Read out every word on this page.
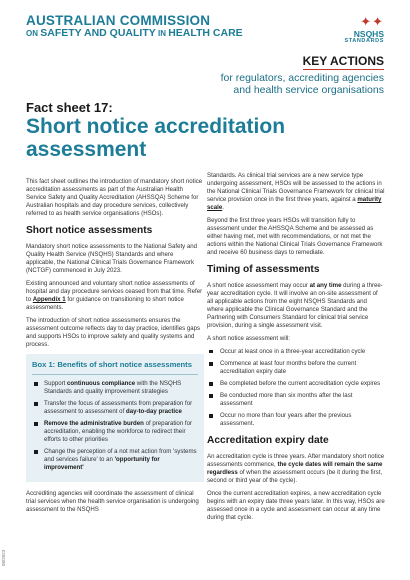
AUSTRALIAN COMMISSION
ON SAFETY AND QUALITY IN HEALTH CARE
✦✦
NSQHS
STANDARDS
KEY ACTIONS
for regulators, accrediting agencies
and health service organisations
Fact sheet 17:
Short notice accreditation
assessment

This fact sheet outlines the introduction of mandatory short notice accreditation assessments as part of the Australian Health Service Safety and Quality Accreditation (AHSSQA) Scheme for Australian hospitals and day procedure services, collectively referred to as health service organisations (HSOs).

Short notice assessments

Mandatory short notice assessments to the National Safety and Quality Health Service (NSQHS) Standards and where applicable, the National Clinical Trials Governance Framework (NCTGF) commenced in July 2023.

Existing announced and voluntary short notice assessments of hospital and day procedure services ceased from that time. Refer to Appendix 1 for guidance on transitioning to short notice assessments.

The introduction of short notice assessments ensures the assessment outcome reflects day to day practice, identifies gaps and supports HSOs to improve safety and quality systems and process.

Box 1: Benefits of short notice assessments
Support continuous compliance with the NSQHS Standards and quality improvement strategies
Transfer the focus of assessments from preparation for assessment to assessment of day-to-day practice
Remove the administrative burden of preparation for accreditation, enabling the workforce to redirect their efforts to other priorities
Change the perception of a not met action from 'systems and services failure' to an 'opportunity for improvement'

Accrediting agencies will coordinate the assessment of clinical trial services when the health service organisation is undergoing assessment to the NSQHS

Standards. As clinical trial services are a new service type undergoing assessment, HSOs will be assessed to the actions in the National Clinical Trials Governance Framework for clinical trial service provision once in the first three years, against a maturity scale.

Beyond the first three years HSOs will transition fully to assessment under the AHSSQA Scheme and be assessed as either having met, met with recommendations, or not met the actions within the National Clinical Trials Governance Framework and receive 60 business days to remediate.

Timing of assessments

A short notice assessment may occur at any time during a three-year accreditation cycle. It will involve an on-site assessment of all applicable actions from the eight NSQHS Standards and where applicable the Clinical Governance Standard and the Partnering with Consumers Standard for clinical trial service provision, during a single assessment visit.

A short notice assessment will:

Occur at least once in a three-year accreditation cycle
Commence at least four months before the current accreditation expiry date
Be completed before the current accreditation cycle expires
Be conducted more than six months after the last assessment
Occur no more than four years after the previous assessment.
Accreditation expiry date

An accreditation cycle is three years. After mandatory short notice assessments commence, the cycle dates will remain the same regardless of when the assessment occurs (be it during the first, second or third year of the cycle).

Once the current accreditation expires, a new accreditation cycle begins with an expiry date three years later. In this way, HSOs are assessed once in a cycle and assessment can occur at any time during that cycle.

08/2023
